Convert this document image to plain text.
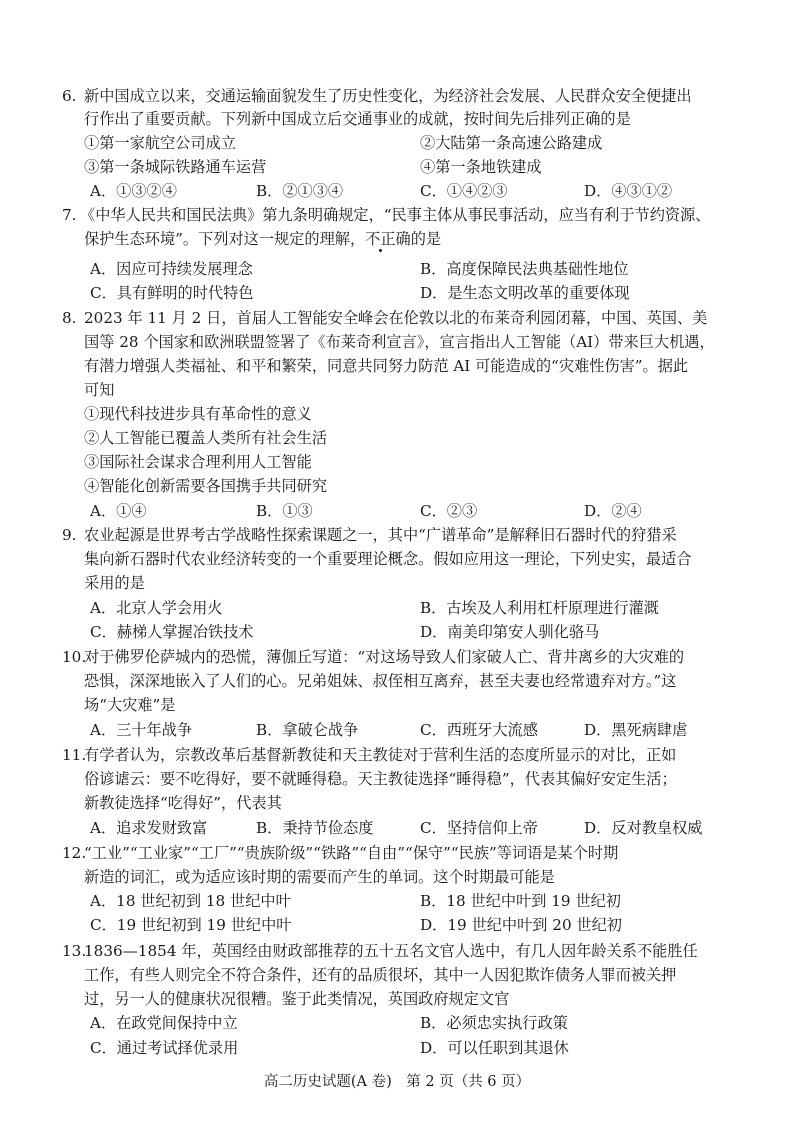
6. 新中国成立以来，交通运输面貌发生了历史性变化，为经济社会发展、人民群众安全便捷出
行作出了重要贡献。下列新中国成立后交通事业的成就，按时间先后排列正确的是
①第一家航空公司成立	②大陆第一条高速公路建成
③第一条城际铁路通车运营	④第一条地铁建成
A．①③②④	B．②①③④	C．①④②③	D．④③①②
7. 《中华人民共和国民法典》第九条明确规定，“民事主体从事民事活动，应当有利于节约资源、
保护生态环境”。下列对这一规定的理解，不正确的是
A．因应可持续发展理念	B．高度保障民法典基础性地位
C．具有鲜明的时代特色	D．是生态文明改革的重要体现
8. 2023 年 11 月 2 日，首届人工智能安全峰会在伦敦以北的布莱奇利园闭幕，中国、英国、美
国等 28 个国家和欧洲联盟签署了《布莱奇利宣言》，宣言指出人工智能（AI）带来巨大机遇，
有潜力增强人类福祉、和平和繁荣，同意共同努力防范 AI 可能造成的“灾难性伤害”。据此
可知
①现代科技进步具有革命性的意义
②人工智能已覆盖人类所有社会生活
③国际社会谋求合理利用人工智能
④智能化创新需要各国携手共同研究
A．①④	B．①③	C．②③	D．②④
9. 农业起源是世界考古学战略性探索课题之一，其中“广谱革命”是解释旧石器时代的狩猎采
集向新石器时代农业经济转变的一个重要理论概念。假如应用这一理论，下列史实，最适合
采用的是
A．北京人学会用火	B．古埃及人利用杠杆原理进行灌溉
C．赫梯人掌握冶铁技术	D．南美印第安人驯化骆马
10.
对于佛罗伦萨城内的恐慌，薄伽丘写道：“对这场导致人们家破人亡、背井离乡的大灾难的
恐惧，深深地嵌入了人们的心。兄弟姐妹、叔侄相互离弃，甚至夫妻也经常遗弃对方。”这
场“大灾难”是
A．三十年战争	B．拿破仑战争	C．西班牙大流感	D．黑死病肆虐
11.
有学者认为，宗教改革后基督新教徒和天主教徒对于营利生活的态度所显示的对比，正如
俗谚谑云：要不吃得好，要不就睡得稳。天主教徒选择“睡得稳”，代表其偏好安定生活；
新教徒选择“吃得好”，代表其
A．追求发财致富	B．秉持节俭态度	C．坚持信仰上帝	D．反对教皇权威
12.
“工业”“工业家”“工厂”“贵族阶级”“铁路”“自由”“保守”“民族”等词语是某个时期
新造的词汇，或为适应该时期的需要而产生的单词。这个时期最可能是
A．18 世纪初到 18 世纪中叶	B．18 世纪中叶到 19 世纪初
C．19 世纪初到 19 世纪中叶	D．19 世纪中叶到 20 世纪初
13.
1836—1854 年，英国经由财政部推荐的五十五名文官人选中，有几人因年龄关系不能胜任
工作，有些人则完全不符合条件，还有的品质很坏，其中一人因犯欺诈债务人罪而被关押
过，另一人的健康状况很糟。鉴于此类情况，英国政府规定文官
A．在政党间保持中立	B．必须忠实执行政策
C．通过考试择优录用	D．可以任职到其退休
高二历史试题(A 卷)　第 2 页（共 6 页）
